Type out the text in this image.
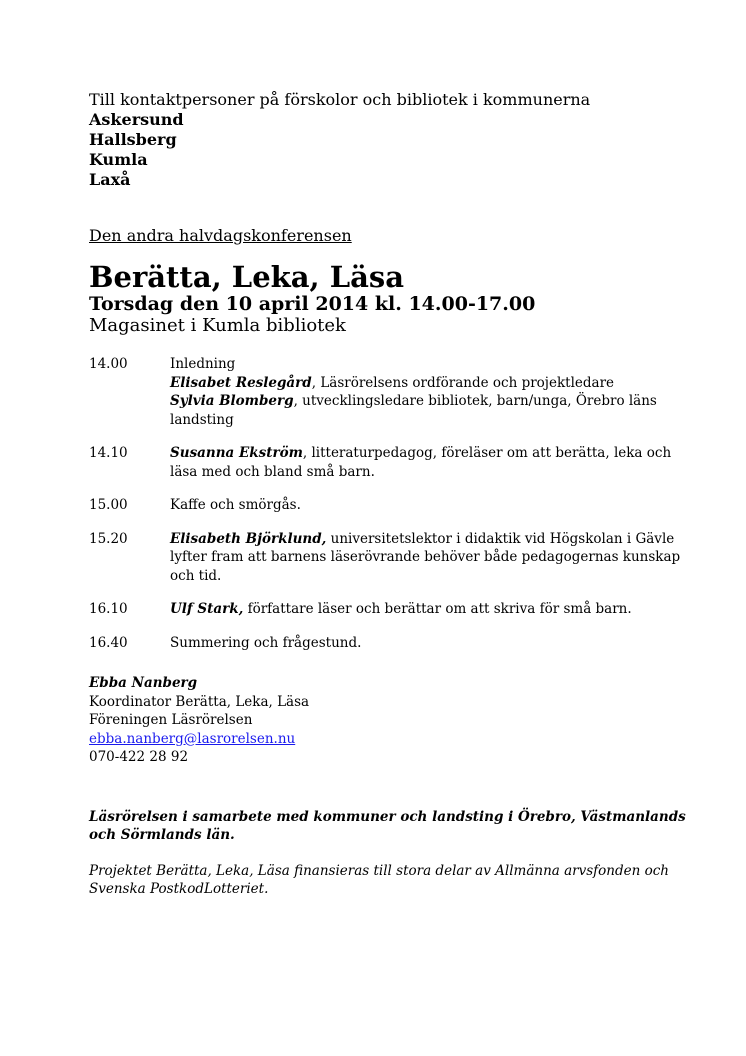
Till kontaktpersoner på förskolor och bibliotek i kommunerna
Askersund
Hallsberg
Kumla
Laxå
Den andra halvdagskonferensen
Berätta, Leka, Läsa
Torsdag den 10 april 2014 kl. 14.00-17.00
Magasinet i Kumla bibliotek
14.00	Inledning
Elisabet Reslegård, Läsrörelsens ordförande och projektledare
Sylvia Blomberg, utvecklingsledare bibliotek, barn/unga, Örebro läns landsting
14.10	Susanna Ekström, litteraturpedagog, föreläser om att berätta, leka och läsa med och bland små barn.
15.00	Kaffe och smörgås.
15.20	Elisabeth Björklund, universitetslektor i didaktik vid Högskolan i Gävle lyfter fram att barnens läserövrande behöver både pedagogernas kunskap och tid.
16.10	Ulf Stark, författare läser och berättar om att skriva för små barn.
16.40	Summering och frågestund.
Ebba Nanberg
Koordinator Berätta, Leka, Läsa
Föreningen Läsrörelsen
ebba.nanberg@lasrorelsen.nu
070-422 28 92
Läsrörelsen i samarbete med kommuner och landsting i Örebro, Västmanlands och Sörmlands län.
Projektet Berätta, Leka, Läsa finansieras till stora delar av Allmänna arvsfonden och Svenska PostkodLotteriet.
